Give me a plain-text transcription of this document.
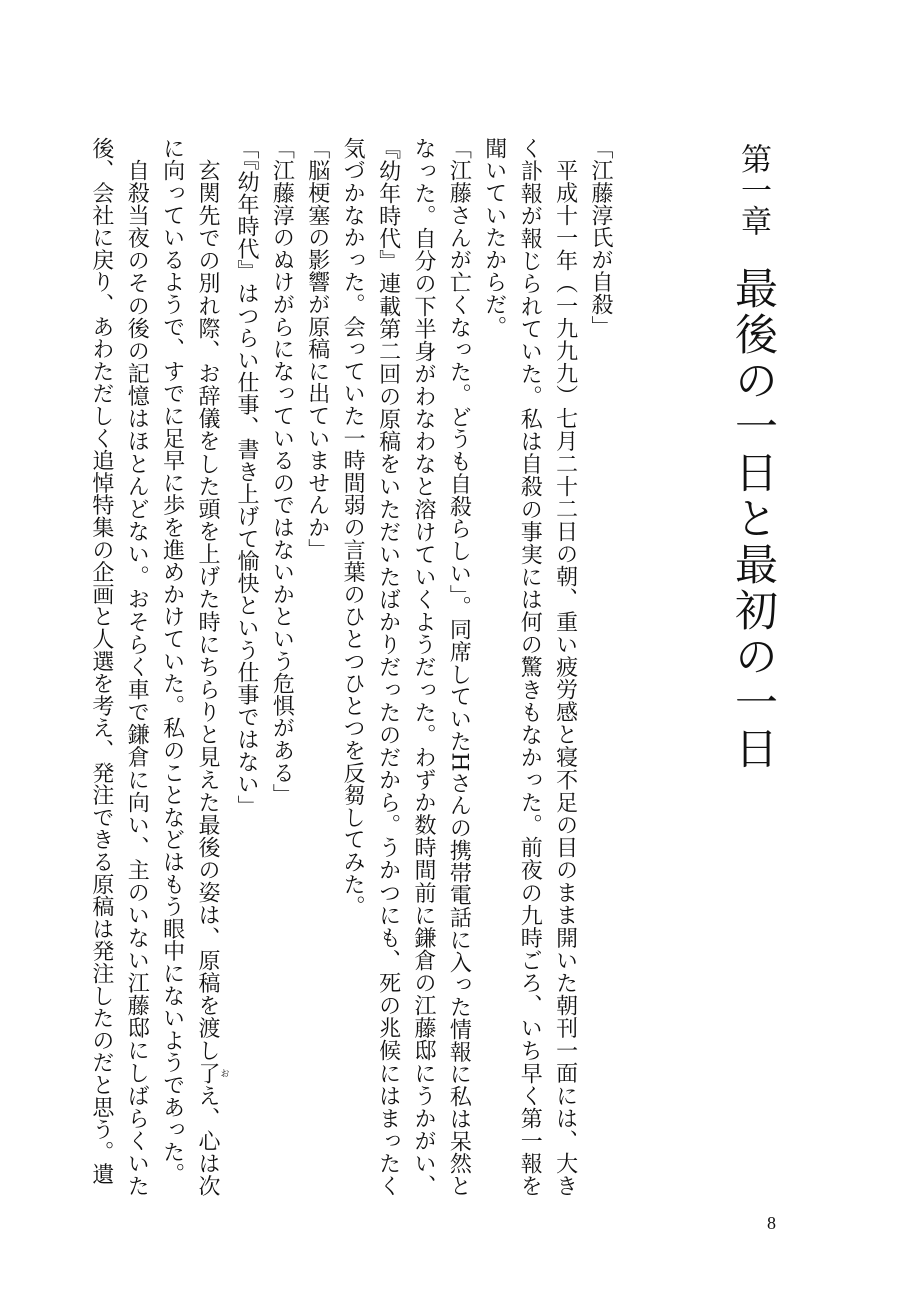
第一章最後の一日と最初の一日

「江藤淳氏が自殺」

平成十一年（一九九九）七月二十二日の朝、重い疲労感と寝不足の目のまま開いた朝刊一面には、大きく訃報が報じられていた。私は自殺の事実には何の驚きもなかった。前夜の九時ごろ、いち早く第一報を聞いていたからだ。

「江藤さんが亡くなった。どうも自殺らしい」。同席していたHさんの携帯電話に入った情報に私は呆然となった。自分の下半身がわなわなと溶けていくようだった。わずか数時間前に鎌倉の江藤邸にうかがい、『幼年時代』連載第二回の原稿をいただいたばかりだったのだから。うかつにも、死の兆候にはまったく気づかなかった。会っていた一時間弱の言葉のひとつひとつを反芻してみた。

「脳梗塞の影響が原稿に出ていませんか」

「江藤淳のぬけがらになっているのではないかという危惧がある」

「『幼年時代』はつらい仕事、書き上げて愉快という仕事ではない」

玄関先での別れ際、お辞儀をした頭を上げた時にちらりと見えた最後の姿は、原稿を渡し了おえ、心は次に向っているようで、すでに足早に歩を進めかけていた。私のことなどはもう眼中にないようであった。

自殺当夜のその後の記憶はほとんどない。おそらく車で鎌倉に向い、主のいない江藤邸にしばらくいた後、会社に戻り、あわただしく追悼特集の企画と人選を考え、発注できる原稿は発注したのだと思う。遺

8
